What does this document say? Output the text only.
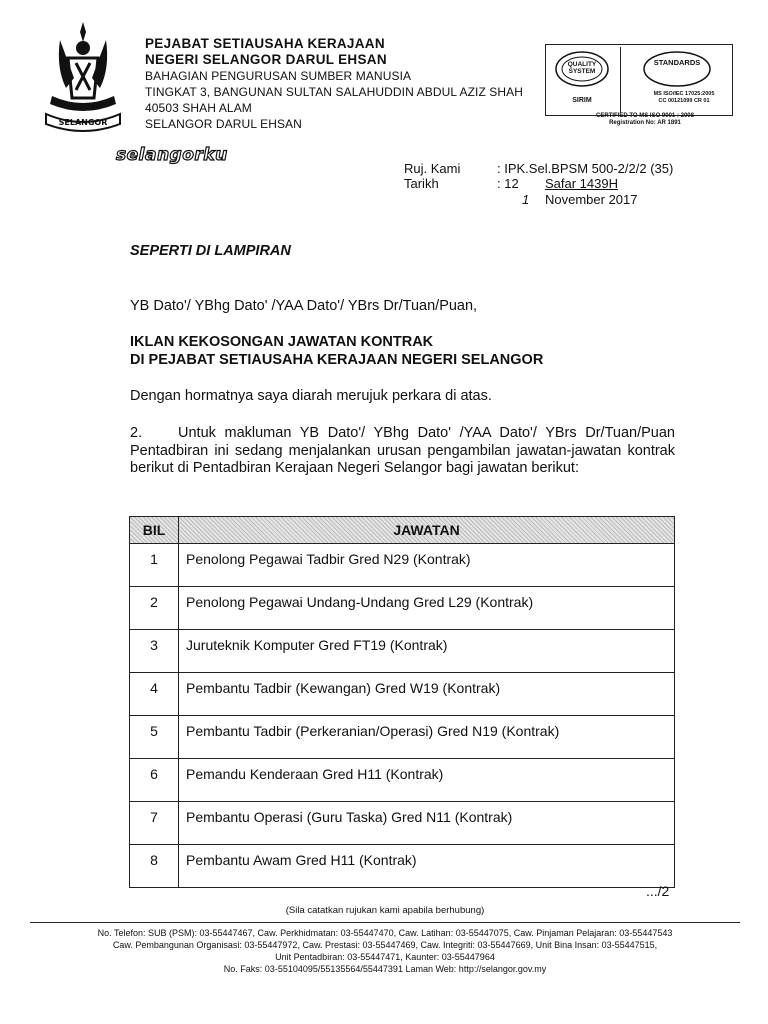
SELANGOR
PEJABAT SETIAUSAHA KERAJAAN
NEGERI SELANGOR DARUL EHSAN
BAHAGIAN PENGURUSAN SUMBER MANUSIA
TINGKAT 3, BANGUNAN SULTAN SALAHUDDIN ABDUL AZIZ SHAH
40503 SHAH ALAM
SELANGOR DARUL EHSAN
QUALITY SYSTEM
SIRIM
STANDARDS
MS ISO/IEC 17025:2005
CC 00121099 CR 01
CERTIFIED TO MS ISO 9001 : 2008
Registration No: AR 1891
selangorku
Ruj. Kami	: IPK.Sel.BPSM 500-2/2/2 (35)
Tarikh	: 12 Safar 1439H
1 November 2017
SEPERTI DI LAMPIRAN
YB Dato'/ YBhg Dato' /YAA Dato'/ YBrs Dr/Tuan/Puan,
IKLAN KEKOSONGAN JAWATAN KONTRAK
DI PEJABAT SETIAUSAHA KERAJAAN NEGERI SELANGOR
Dengan hormatnya saya diarah merujuk perkara di atas.
2. Untuk makluman YB Dato'/ YBhg Dato' /YAA Dato'/ YBrs Dr/Tuan/Puan Pentadbiran ini sedang menjalankan urusan pengambilan jawatan-jawatan kontrak berikut di Pentadbiran Kerajaan Negeri Selangor bagi jawatan berikut:
BIL	JAWATAN
1	Penolong Pegawai Tadbir Gred N29 (Kontrak)
2	Penolong Pegawai Undang-Undang Gred L29 (Kontrak)
3	Juruteknik Komputer Gred FT19 (Kontrak)
4	Pembantu Tadbir (Kewangan) Gred W19 (Kontrak)
5	Pembantu Tadbir (Perkeranian/Operasi) Gred N19 (Kontrak)
6	Pemandu Kenderaan Gred H11 (Kontrak)
7	Pembantu Operasi (Guru Taska) Gred N11 (Kontrak)
8	Pembantu Awam Gred H11 (Kontrak)
.../2
(Sila catatkan rujukan kami apabila berhubung)
No. Telefon: SUB (PSM): 03-55447467, Caw. Perkhidmatan: 03-55447470, Caw. Latihan: 03-55447075, Caw. Pinjaman Pelajaran: 03-55447543
Caw. Pembangunan Organisasi: 03-55447972, Caw. Prestasi: 03-55447469, Caw. Integriti: 03-55447669, Unit Bina Insan: 03-55447515,
Unit Pentadbiran: 03-55447471, Kaunter: 03-55447964
No. Faks: 03-55104095/55135564/55447391 Laman Web: http://selangor.gov.my
